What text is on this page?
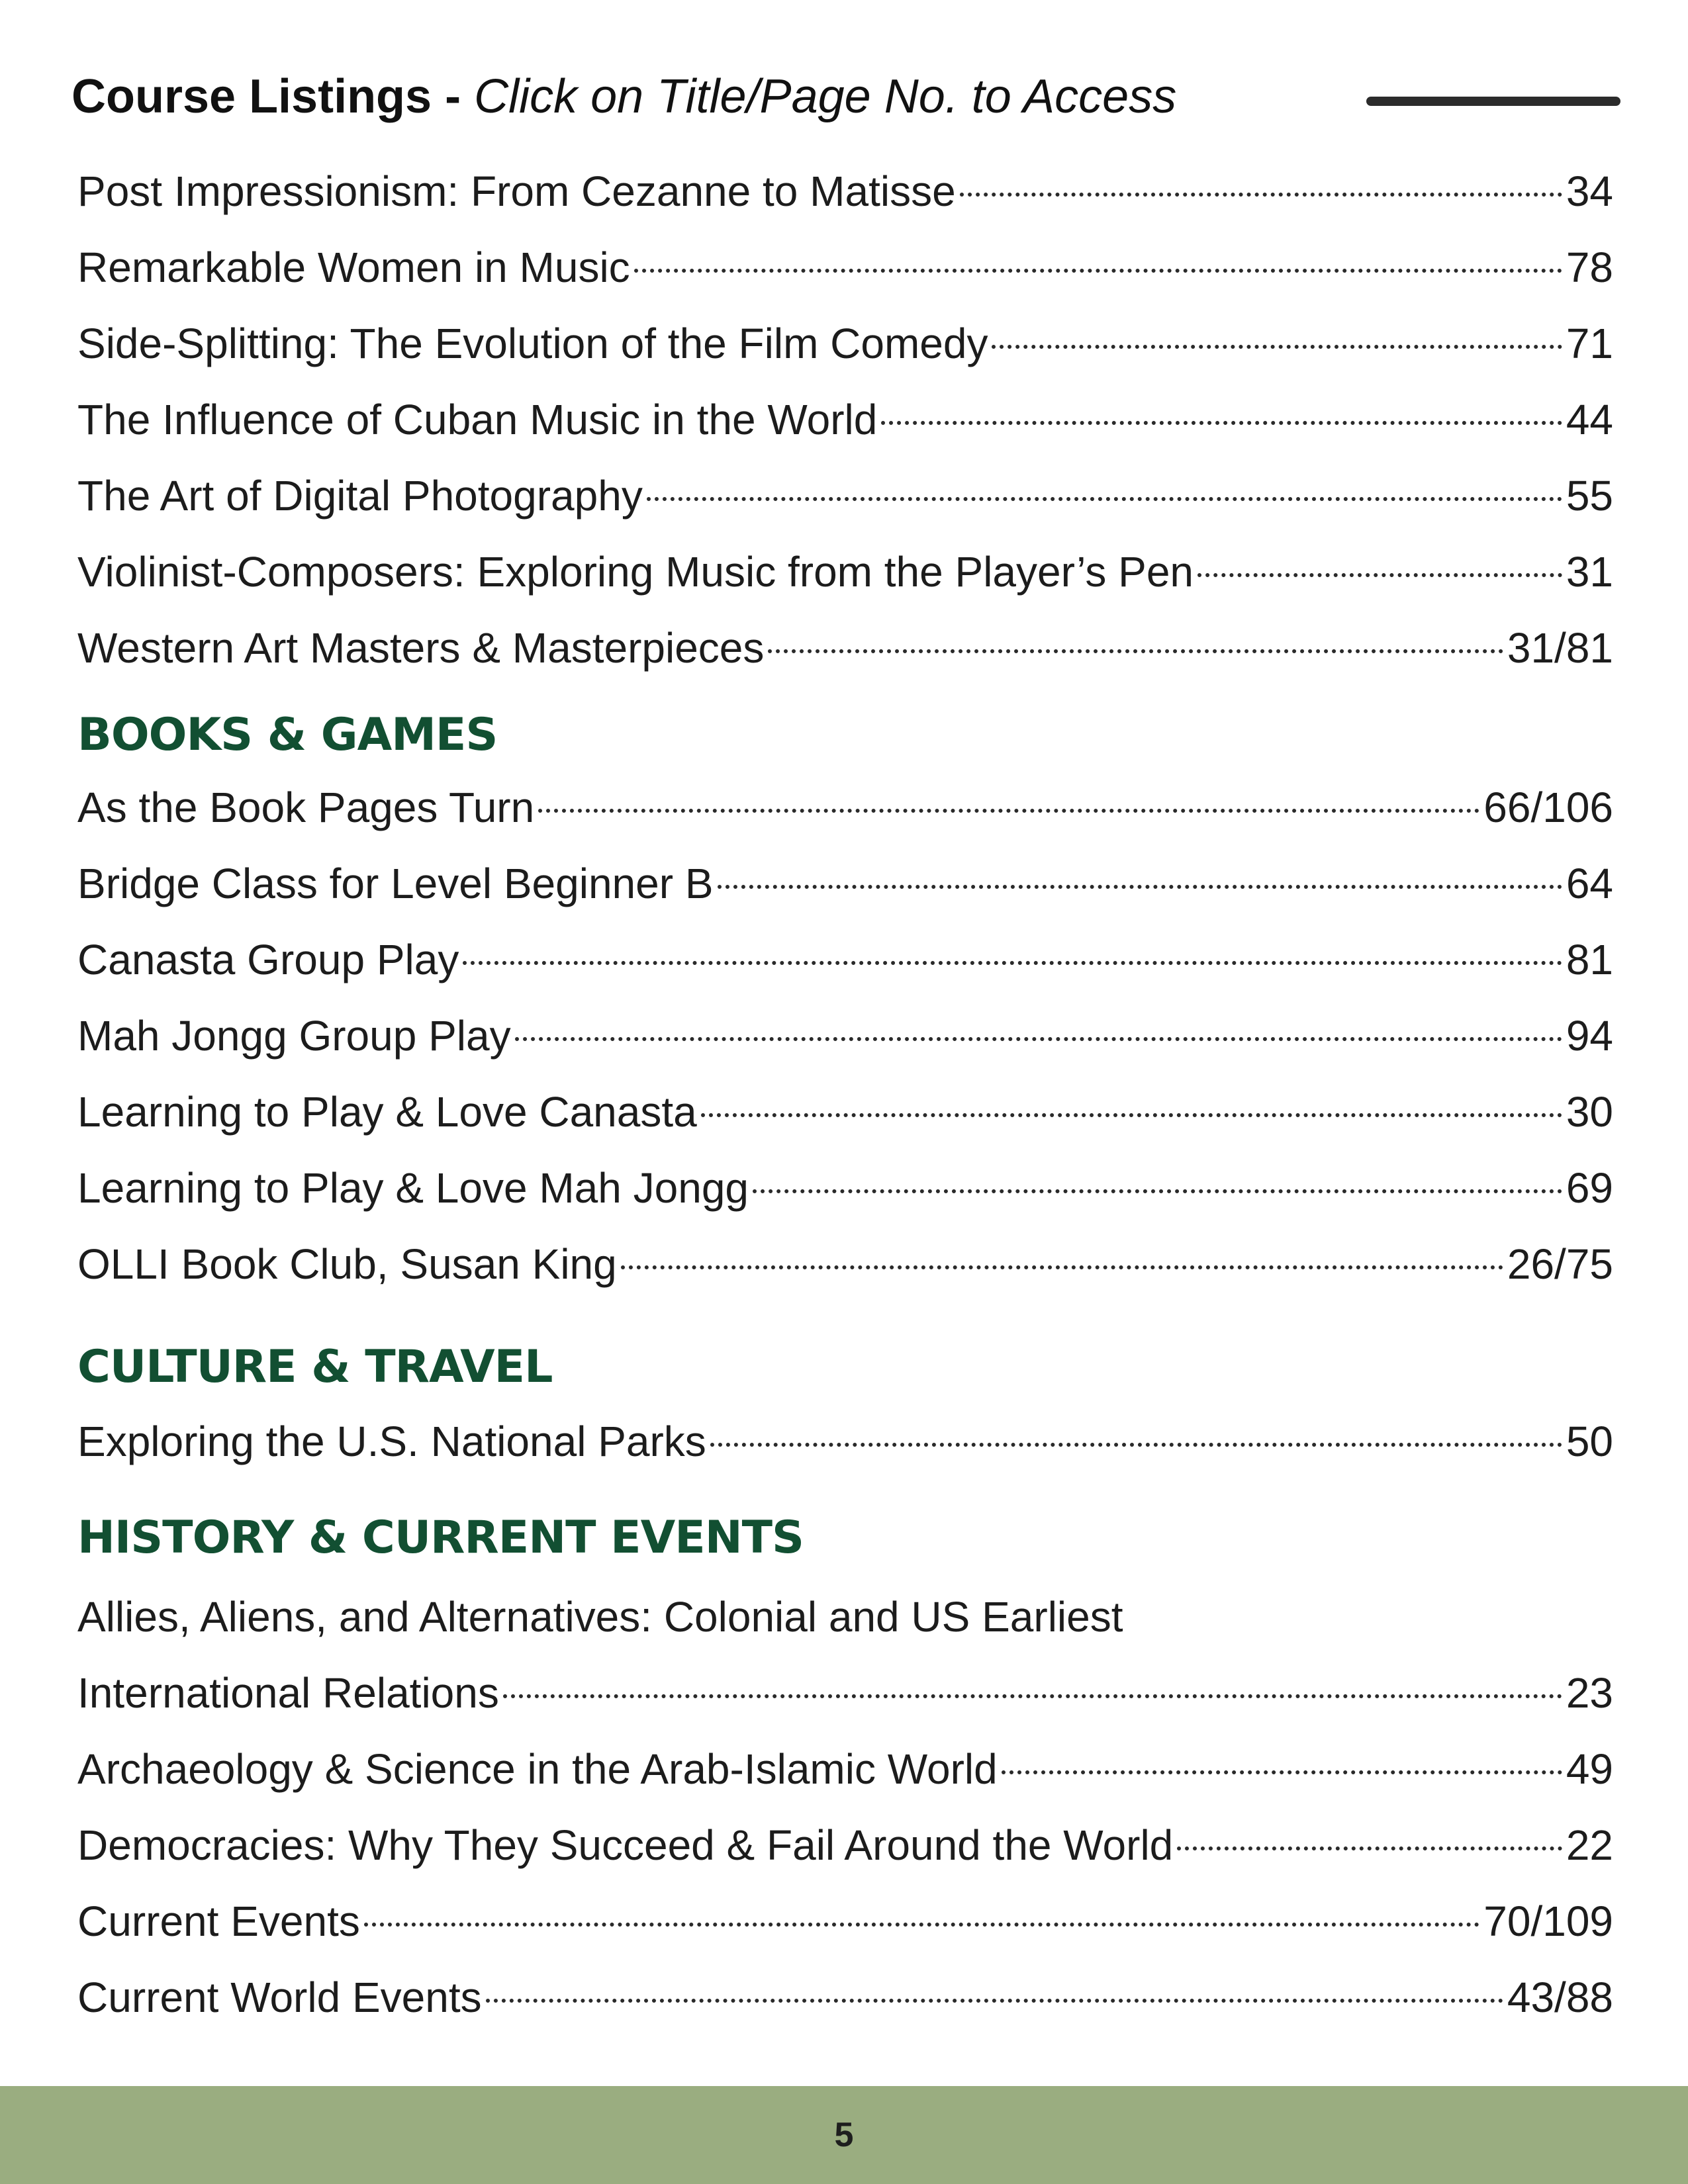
Course Listings - Click on Title/Page No. to Access
Post Impressionism: From Cezanne to Matisse	34
Remarkable Women in Music	78
Side-Splitting: The Evolution of the Film Comedy	71
The Influence of Cuban Music in the World	44
The Art of Digital Photography	55
Violinist-Composers: Exploring Music from the Player’s Pen	31
Western Art Masters & Masterpieces	31/81
BOOKS & GAMES
As the Book Pages Turn	66/106
Bridge Class for Level Beginner B	64
Canasta Group Play	81
Mah Jongg Group Play	94
Learning to Play & Love Canasta	30
Learning to Play & Love Mah Jongg	69
OLLI Book Club, Susan King	26/75
CULTURE & TRAVEL
Exploring the U.S. National Parks	50
HISTORY & CURRENT EVENTS
Allies, Aliens, and Alternatives: Colonial and US Earliest
International Relations	23
Archaeology & Science in the Arab-Islamic World	49
Democracies: Why They Succeed & Fail Around the World	22
Current Events	70/109
Current World Events	43/88
5
